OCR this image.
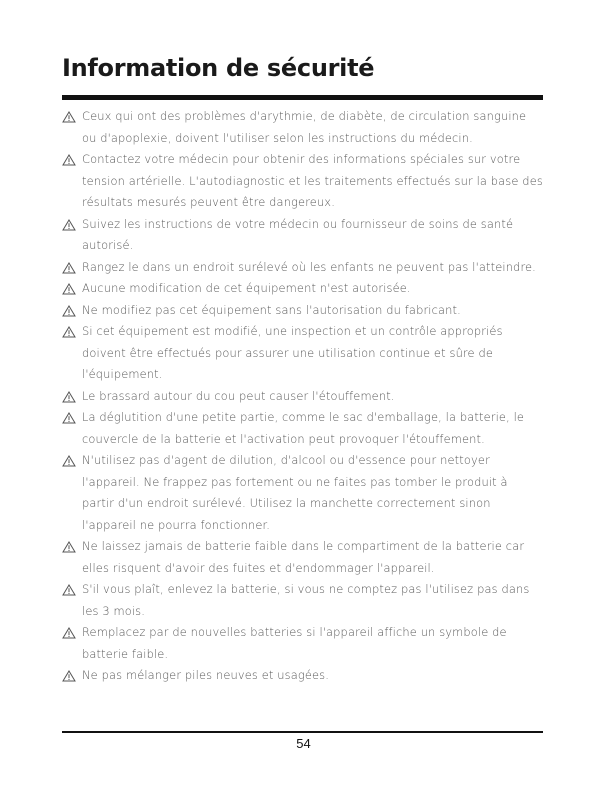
Information de sécurité
Ceux qui ont des problèmes d'arythmie, de diabète, de circulation sanguine ou d'apoplexie, doivent l'utiliser selon les instructions du médecin.
Contactez votre médecin pour obtenir des informations spéciales sur votre tension artérielle. L'autodiagnostic et les traitements effectués sur la base des résultats mesurés peuvent être dangereux.
Suivez les instructions de votre médecin ou fournisseur de soins de santé autorisé.
Rangez le dans un endroit surélevé où les enfants ne peuvent pas l'atteindre.
Aucune modification de cet équipement n'est autorisée.
Ne modifiez pas cet équipement sans l'autorisation du fabricant.
Si cet équipement est modifié, une inspection et un contrôle appropriés doivent être effectués pour assurer une utilisation continue et sûre de l'équipement.
Le brassard autour du cou peut causer l'étouffement.
La déglutition d'une petite partie, comme le sac d'emballage, la batterie, le couvercle de la batterie et l'activation peut provoquer l'étouffement.
N'utilisez pas d'agent de dilution, d'alcool ou d'essence pour nettoyer l'appareil. Ne frappez pas fortement ou ne faites pas tomber le produit à partir d'un endroit surélevé. Utilisez la manchette correctement sinon l'appareil ne pourra fonctionner.
Ne laissez jamais de batterie faible dans le compartiment de la batterie car elles risquent d'avoir des fuites et d'endommager l'appareil.
S'il vous plaît, enlevez la batterie, si vous ne comptez pas l'utilisez pas dans les 3 mois.
Remplacez par de nouvelles batteries si l'appareil affiche un symbole de batterie faible.
Ne pas mélanger piles neuves et usagées.
54
